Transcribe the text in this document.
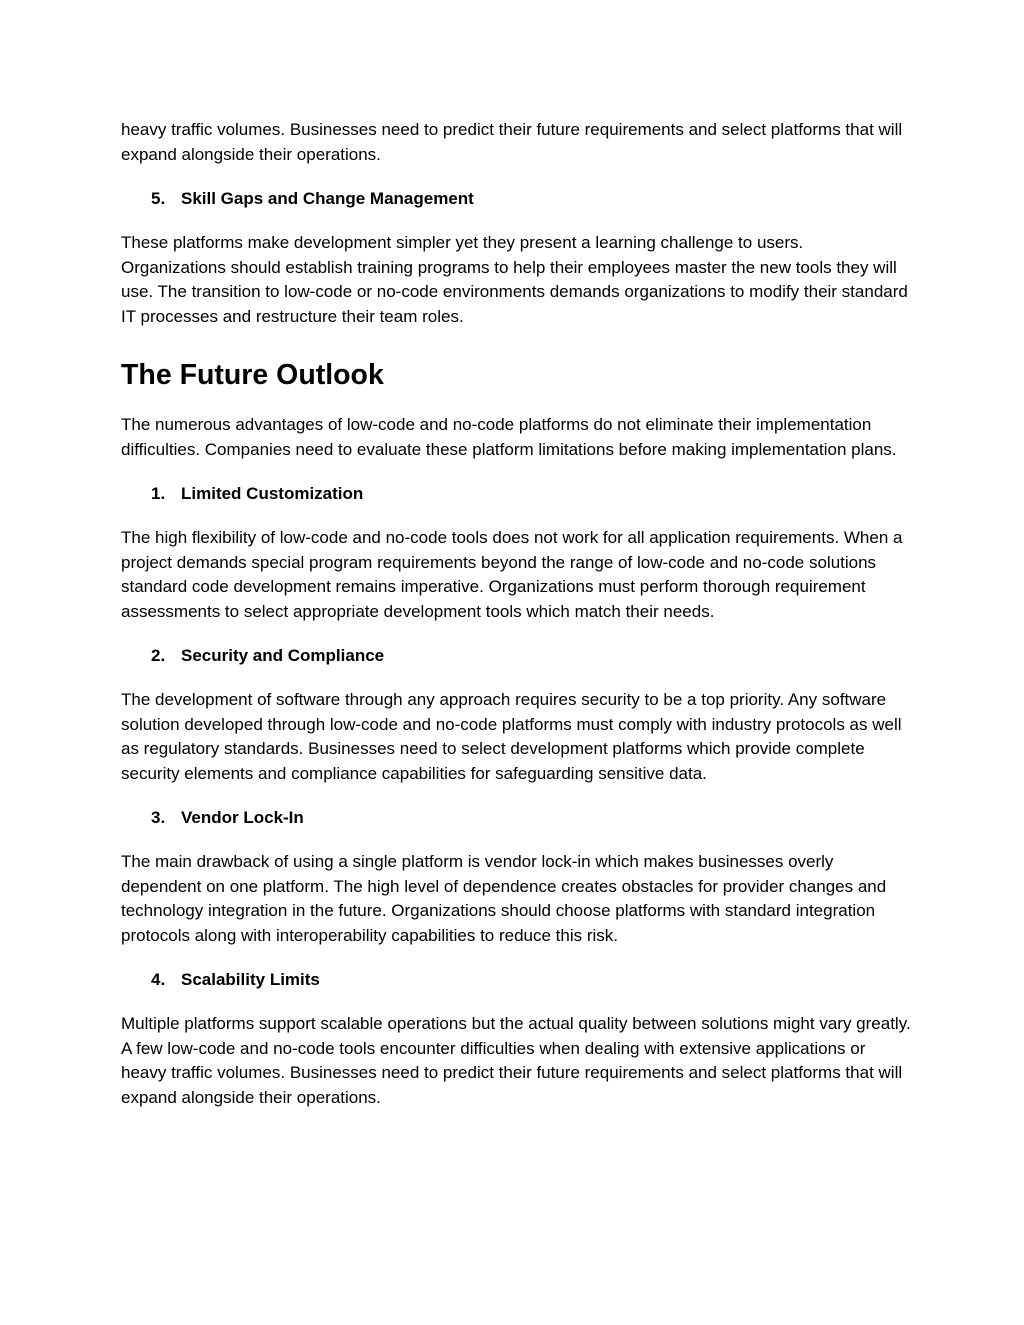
heavy traffic volumes. Businesses need to predict their future requirements and select platforms that will expand alongside their operations.

5. Skill Gaps and Change Management

These platforms make development simpler yet they present a learning challenge to users. Organizations should establish training programs to help their employees master the new tools they will use. The transition to low-code or no-code environments demands organizations to modify their standard IT processes and restructure their team roles.

The Future Outlook

The numerous advantages of low-code and no-code platforms do not eliminate their implementation difficulties. Companies need to evaluate these platform limitations before making implementation plans.

1. Limited Customization

The high flexibility of low-code and no-code tools does not work for all application requirements. When a project demands special program requirements beyond the range of low-code and no-code solutions standard code development remains imperative. Organizations must perform thorough requirement assessments to select appropriate development tools which match their needs.

2. Security and Compliance

The development of software through any approach requires security to be a top priority. Any software solution developed through low-code and no-code platforms must comply with industry protocols as well as regulatory standards. Businesses need to select development platforms which provide complete security elements and compliance capabilities for safeguarding sensitive data.

3. Vendor Lock-In

The main drawback of using a single platform is vendor lock-in which makes businesses overly dependent on one platform. The high level of dependence creates obstacles for provider changes and technology integration in the future. Organizations should choose platforms with standard integration protocols along with interoperability capabilities to reduce this risk.

4. Scalability Limits

Multiple platforms support scalable operations but the actual quality between solutions might vary greatly. A few low-code and no-code tools encounter difficulties when dealing with extensive applications or heavy traffic volumes. Businesses need to predict their future requirements and select platforms that will expand alongside their operations.
